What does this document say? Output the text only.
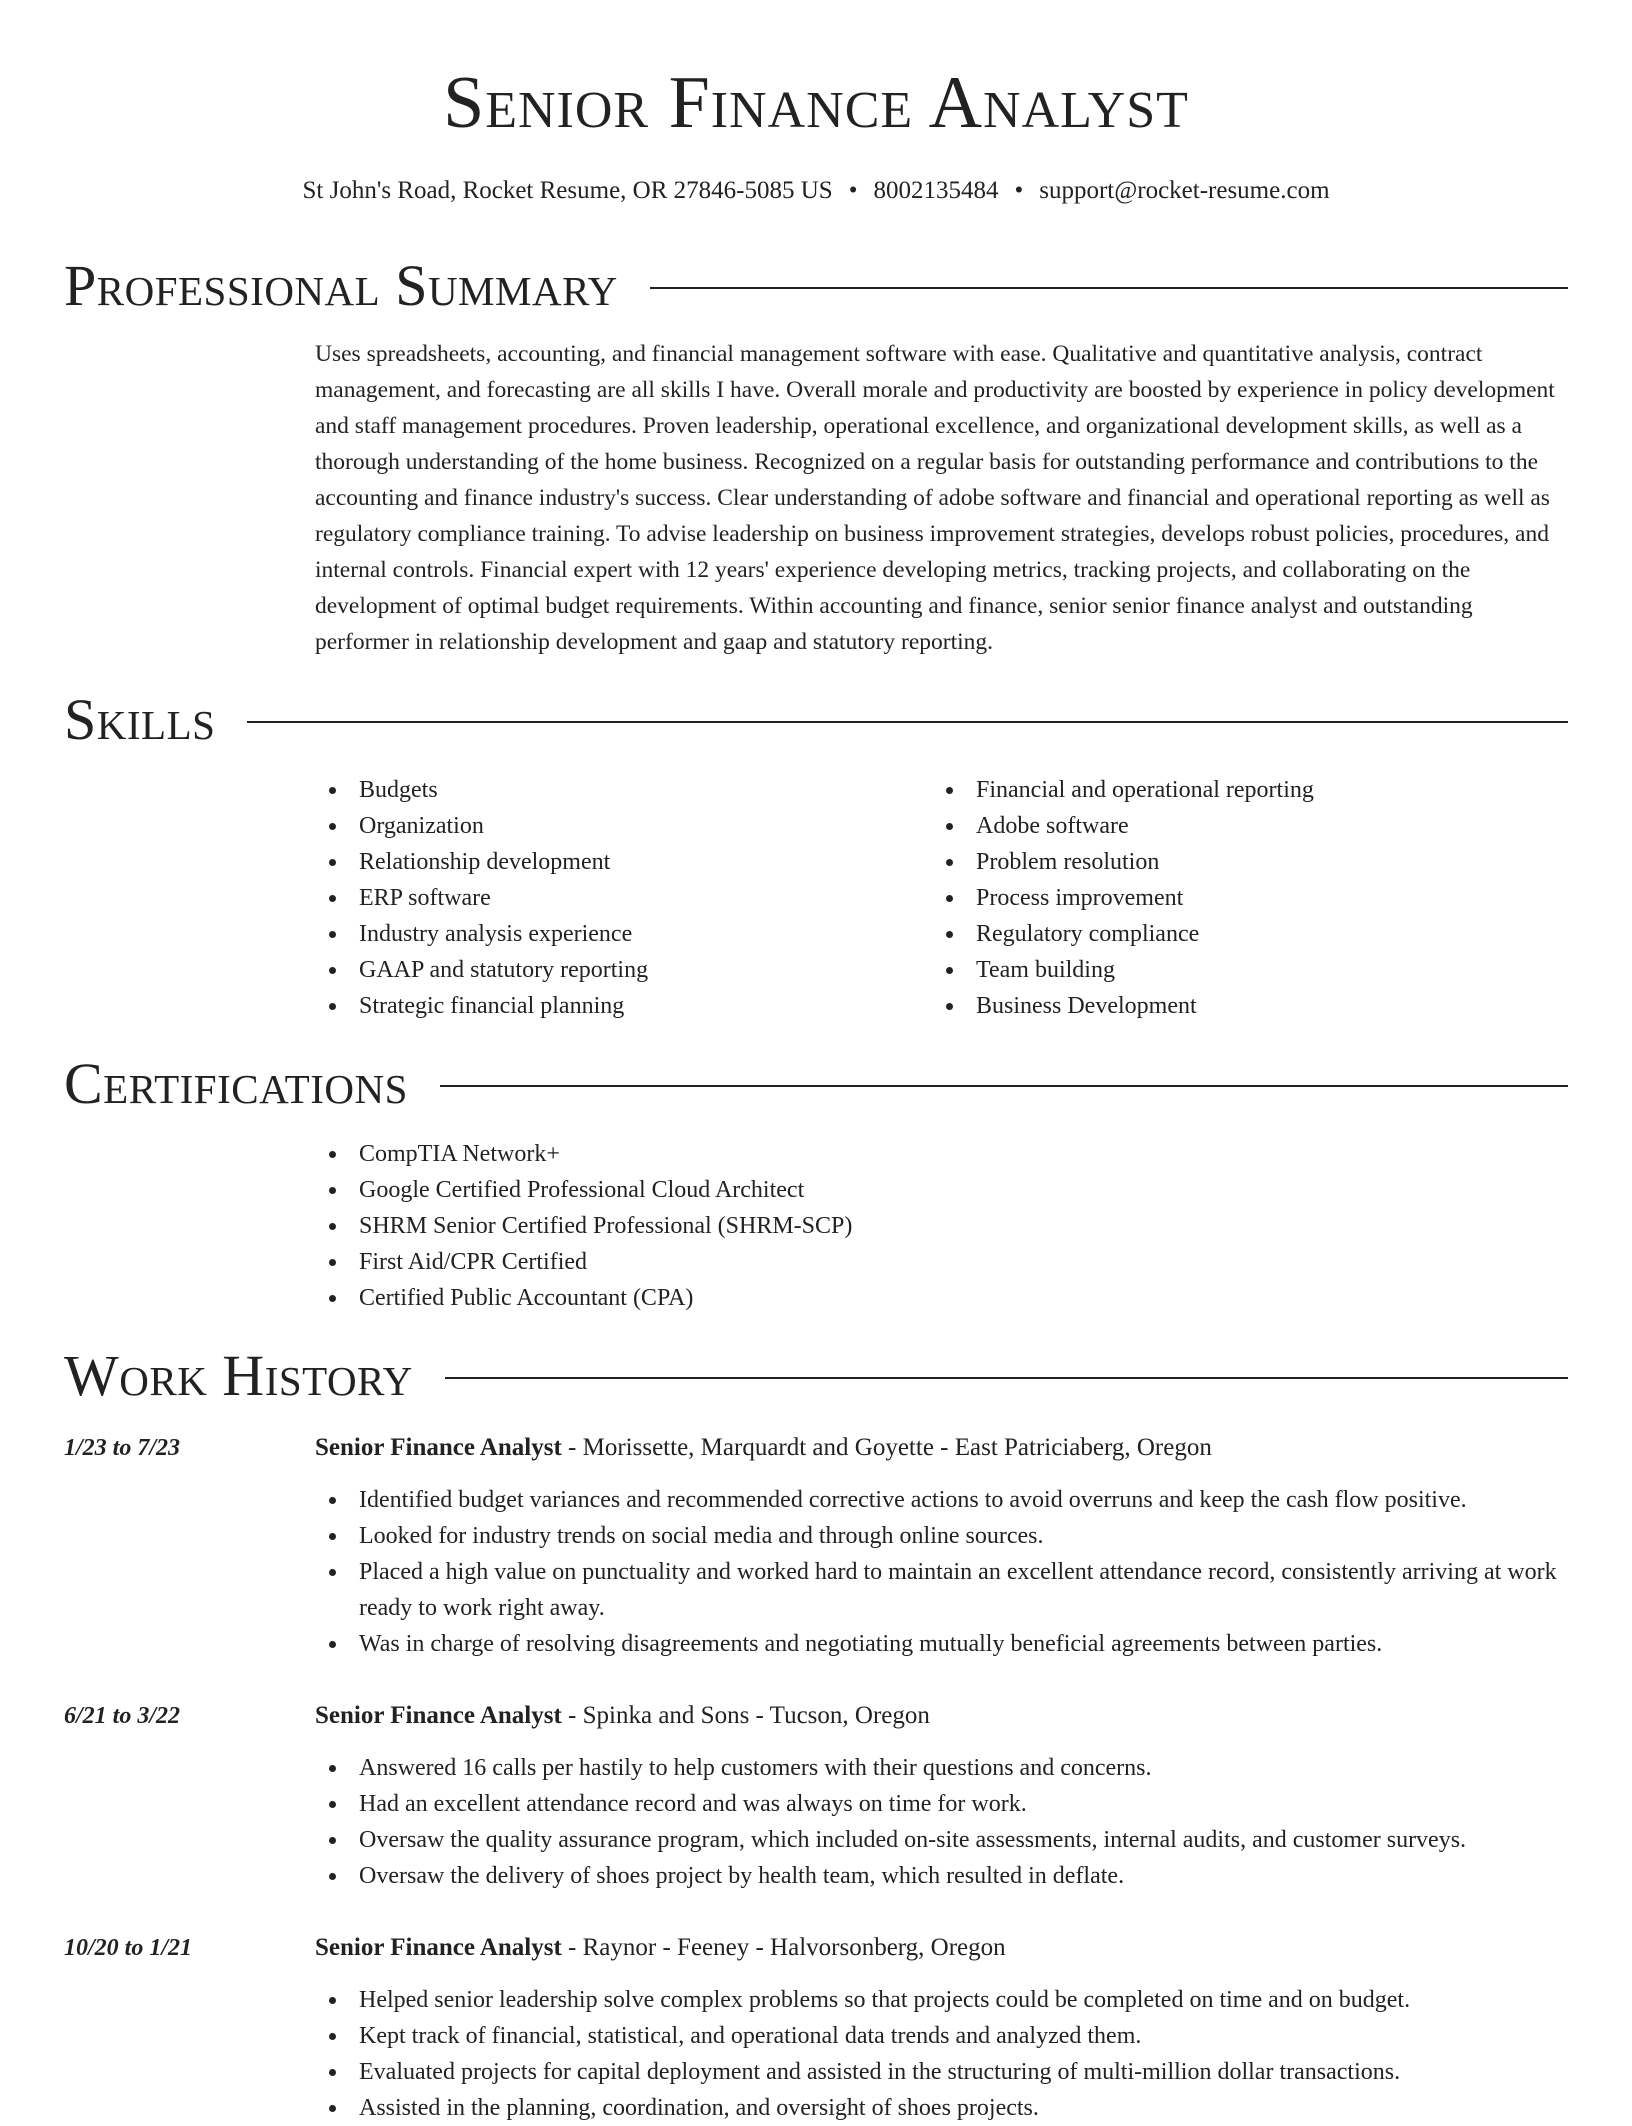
Senior Finance Analyst
St John's Road, Rocket Resume, OR 27846-5085 US • 8002135484 • support@rocket-resume.com
Professional Summary

Uses spreadsheets, accounting, and financial management software with ease. Qualitative and quantitative analysis, contract management, and forecasting are all skills I have. Overall morale and productivity are boosted by experience in policy development and staff management procedures. Proven leadership, operational excellence, and organizational development skills, as well as a thorough understanding of the home business. Recognized on a regular basis for outstanding performance and contributions to the accounting and finance industry's success. Clear understanding of adobe software and financial and operational reporting as well as regulatory compliance training. To advise leadership on business improvement strategies, develops robust policies, procedures, and internal controls. Financial expert with 12 years' experience developing metrics, tracking projects, and collaborating on the development of optimal budget requirements. Within accounting and finance, senior senior finance analyst and outstanding performer in relationship development and gaap and statutory reporting.

Skills
Budgets
Organization
Relationship development
ERP software
Industry analysis experience
GAAP and statutory reporting
Strategic financial planning
Financial and operational reporting
Adobe software
Problem resolution
Process improvement
Regulatory compliance
Team building
Business Development
Certifications
CompTIA Network+
Google Certified Professional Cloud Architect
SHRM Senior Certified Professional (SHRM-SCP)
First Aid/CPR Certified
Certified Public Accountant (CPA)
Work History
1/23 to 7/23	Senior Finance Analyst - Morissette, Marquardt and Goyette - East Patriciaberg, Oregon
Identified budget variances and recommended corrective actions to avoid overruns and keep the cash flow positive.
Looked for industry trends on social media and through online sources.
Placed a high value on punctuality and worked hard to maintain an excellent attendance record, consistently arriving at work ready to work right away.
Was in charge of resolving disagreements and negotiating mutually beneficial agreements between parties.
6/21 to 3/22	Senior Finance Analyst - Spinka and Sons - Tucson, Oregon
Answered 16 calls per hastily to help customers with their questions and concerns.
Had an excellent attendance record and was always on time for work.
Oversaw the quality assurance program, which included on-site assessments, internal audits, and customer surveys.
Oversaw the delivery of shoes project by health team, which resulted in deflate.
10/20 to 1/21	Senior Finance Analyst - Raynor - Feeney - Halvorsonberg, Oregon
Helped senior leadership solve complex problems so that projects could be completed on time and on budget.
Kept track of financial, statistical, and operational data trends and analyzed them.
Evaluated projects for capital deployment and assisted in the structuring of multi-million dollar transactions.
Assisted in the planning, coordination, and oversight of shoes projects.
